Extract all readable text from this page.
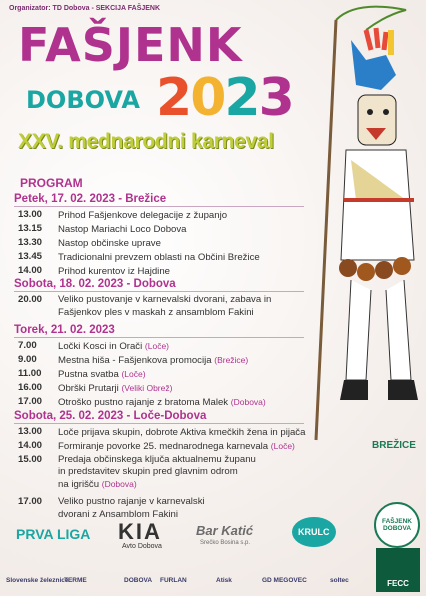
Organizator: TD Dobova - SEKCIJA FAŠJENK
FAŠJENK
DOBOVA 2023
XXV. mednarodni karneval
BREŽICE
PROGRAM
Petek, 17. 02. 2023 - Brežice
13.00	Prihod Fašjenkove delegacije z županjo
13.15	Nastop Mariachi Loco Dobova
13.30	Nastop občinske uprave
13.45	Tradicionalni prevzem oblasti na Občini Brežice
14.00	Prihod kurentov iz Hajdine
Sobota, 18. 02. 2023 - Dobova
20.00	Veliko pustovanje v karnevalski dvorani, zabava in
Fašjenkov ples v maskah z ansamblom Fakini
Torek, 21. 02. 2023
7.00	Ločki Kosci in Orači (Loče)
9.00	Mestna hiša - Fašjenkova promocija (Brežice)
11.00	Pustna svatba (Loče)
16.00	Obrški Prutarji (Veliki Obrež)
17.00	Otroško pustno rajanje z bratoma Malek (Dobova)
Sobota, 25. 02. 2023 - Loče-Dobova
13.00	Loče prijava skupin, dobrote Aktiva kmečkih žena in pijača
14.00	Formiranje povorke 25. mednarodnega karnevala (Loče)
15.00	Predaja občinskega ključa aktualnemu županu
in predstavitev skupin pred glavnim odrom
na igrišču (Dobova)
17.00	Veliko pustno rajanje v karnevalski
dvorani z Ansamblom Fakini
PRVA LIGA KIA
Avto Dobova
Bar Katić
Srečko Bosina s.p.
KRULC
Slovenske železnice
TERME	DOBOVA FURLAN	Atisk	GD MEGOVEC	soltec
FAŠJENK DOBOVA
FECC
